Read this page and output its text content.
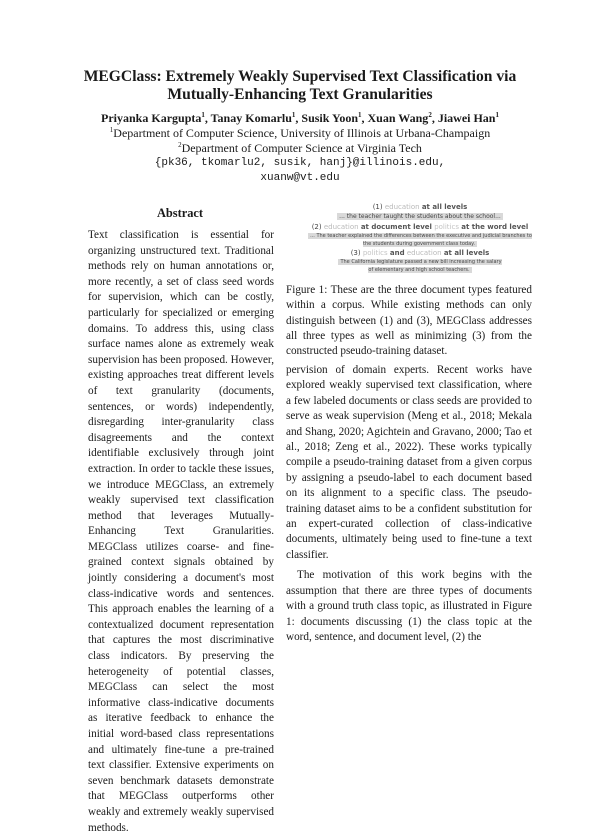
MEGClass: Extremely Weakly Supervised Text Classification via
Mutually-Enhancing Text Granularities
Priyanka Kargupta$^1$, Tanay Komarlu$^1$, Susik Yoon$^1$, Xuan Wang$^2$, Jiawei Han$^1$
$^1$Department of Computer Science, University of Illinois at Urbana-Champaign
$^2$Department of Computer Science at Virginia Tech
{pk36, tkomarlu2, susik, hanj}@illinois.edu,
xuanw@vt.edu
Abstract
Text classification is essential for organizing unstructured text. Traditional methods rely on human annotations or, more recently, a set of class seed words for supervision, which can be costly, particularly for specialized or emerging domains. To address this, using class surface names alone as extremely weak supervision has been proposed. However, existing approaches treat different levels of text granularity (documents, sentences, or words) independently, disregarding inter-granularity class disagreements and the context identifiable exclusively through joint extraction. In order to tackle these issues, we introduce MEGClass, an extremely weakly supervised text classification method that leverages Mutually-Enhancing Text Granularities. MEGClass utilizes coarse- and fine-grained context signals obtained by jointly considering a document's most class-indicative words and sentences. This approach enables the learning of a contextualized document representation that captures the most discriminative class indicators. By preserving the heterogeneity of potential classes, MEGClass can select the most informative class-indicative documents as iterative feedback to enhance the initial word-based class representations and ultimately fine-tune a pre-trained text classifier. Extensive experiments on seven benchmark datasets demonstrate that MEGClass outperforms other weakly and extremely weakly supervised methods.
(1) education at all levels
... the teacher taught the students about the school...
(2) education at document level politics at the word level
... The teacher explained the differences between the executive and judicial branches to the students during government class today.
(3) politics and education at all levels
The California legislature passed a new bill increasing the salary of elementary and high school teachers.
Figure 1: These are the three document types featured within a corpus. While existing methods can only distinguish between (1) and (3), MEGClass addresses all three types as well as minimizing (3) from the constructed pseudo-training dataset.

pervision of domain experts. Recent works have explored weakly supervised text classification, where a few labeled documents or class seeds are provided to serve as weak supervision (Meng et al., 2018; Mekala and Shang, 2020; Agichtein and Gravano, 2000; Tao et al., 2018; Zeng et al., 2022). These works typically compile a pseudo-training dataset from a given corpus by assigning a pseudo-label to each document based on its alignment to a specific class. The pseudo-training dataset aims to be a confident substitution for an expert-curated collection of class-indicative documents, ultimately being used to fine-tune a text classifier.

The motivation of this work begins with the assumption that there are three types of documents with a ground truth class topic, as illustrated in Figure 1: documents discussing (1) the class topic at the word, sentence, and document level, (2) the
